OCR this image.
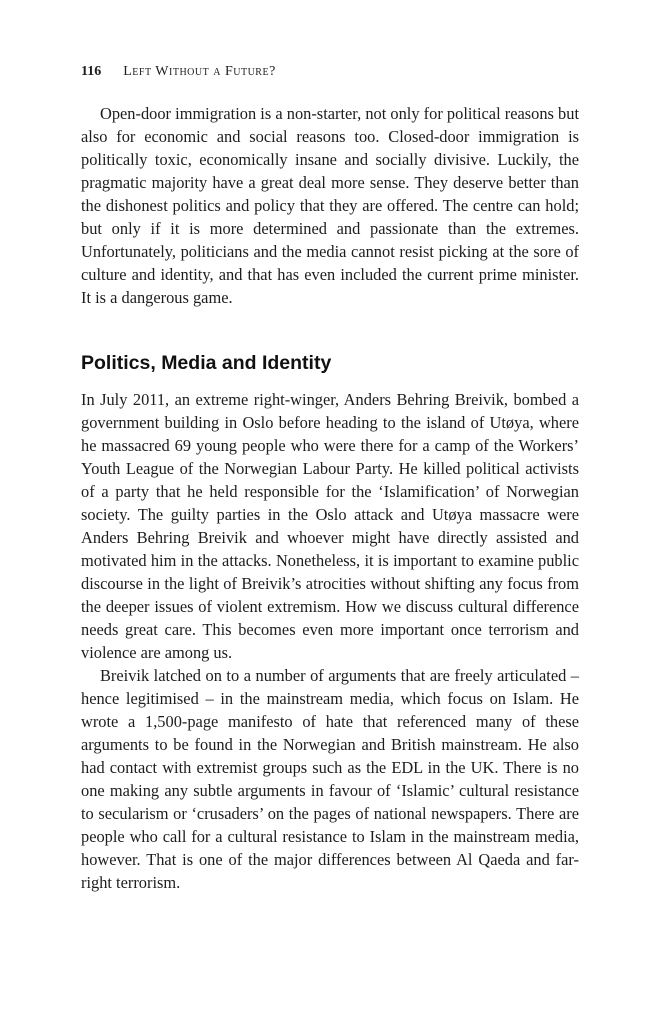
116 Left Without a Future?

Open-door immigration is a non-starter, not only for political reasons but also for economic and social reasons too. Closed-door immigration is politically toxic, economically insane and socially divisive. Luckily, the pragmatic majority have a great deal more sense. They deserve better than the dishonest politics and policy that they are offered. The centre can hold; but only if it is more determined and passionate than the extremes. Unfortunately, politicians and the media cannot resist picking at the sore of culture and identity, and that has even included the current prime minister. It is a dangerous game.

Politics, Media and Identity

In July 2011, an extreme right-winger, Anders Behring Breivik, bombed a government building in Oslo before heading to the island of Utøya, where he massacred 69 young people who were there for a camp of the Workers’ Youth League of the Norwegian Labour Party. He killed political activists of a party that he held responsible for the ‘Islamification’ of Norwegian society. The guilty parties in the Oslo attack and Utøya massacre were Anders Behring Breivik and whoever might have directly assisted and motivated him in the attacks. Nonetheless, it is important to examine public discourse in the light of Breivik’s atrocities without shifting any focus from the deeper issues of violent extremism. How we discuss cultural difference needs great care. This becomes even more important once terrorism and violence are among us.

Breivik latched on to a number of arguments that are freely articulated – hence legitimised – in the mainstream media, which focus on Islam. He wrote a 1,500-page manifesto of hate that referenced many of these arguments to be found in the Norwegian and British mainstream. He also had contact with extremist groups such as the EDL in the UK. There is no one making any subtle arguments in favour of ‘Islamic’ cultural resistance to secularism or ‘crusaders’ on the pages of national newspapers. There are people who call for a cultural resistance to Islam in the mainstream media, however. That is one of the major differences between Al Qaeda and far-right terrorism.
